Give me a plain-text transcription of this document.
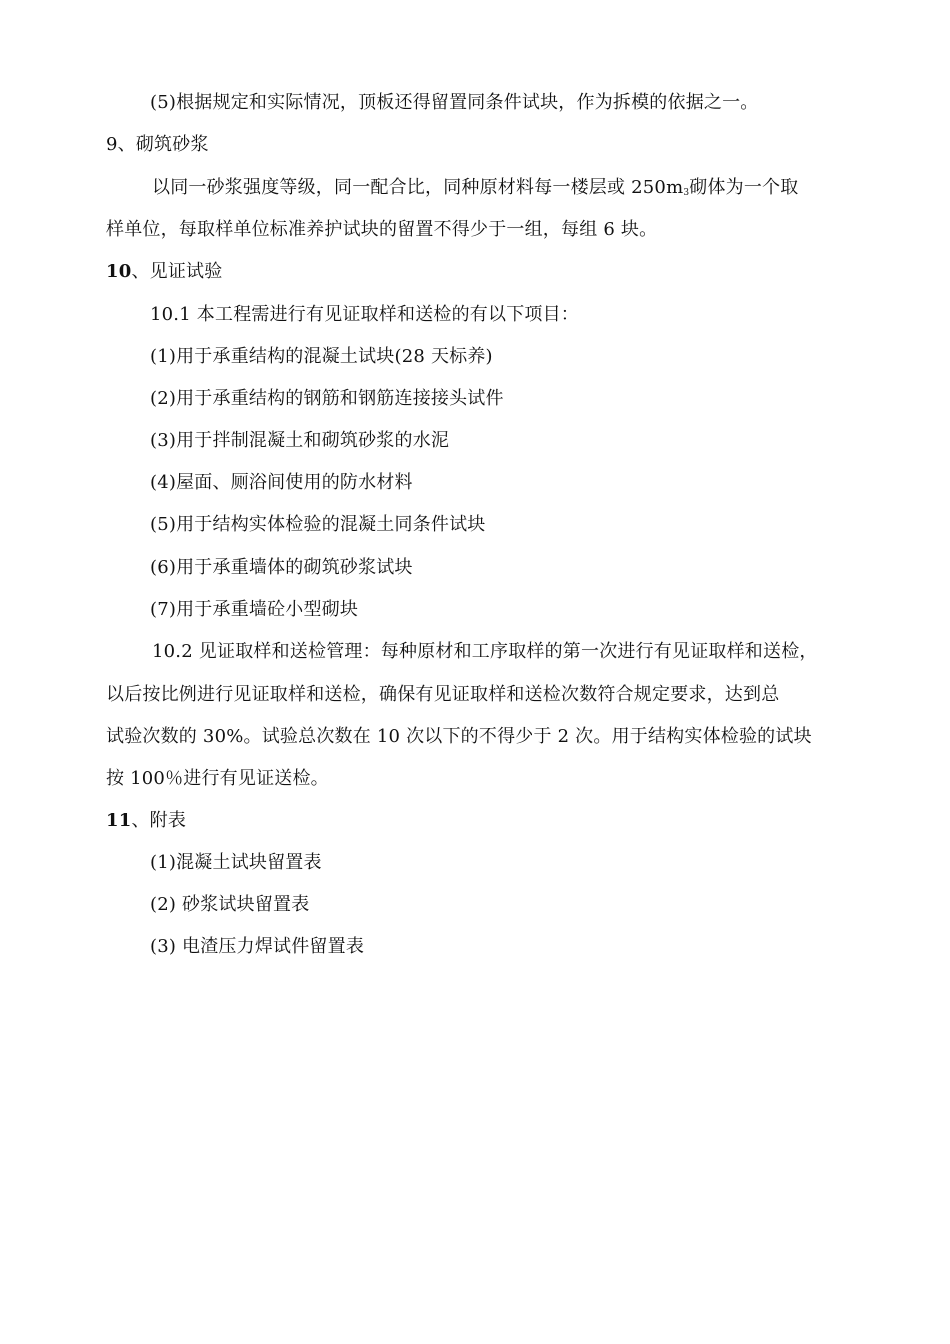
(5)根据规定和实际情况，顶板还得留置同条件试块，作为拆模的依据之一。
9、砌筑砂浆
以同一砂浆强度等级，同一配合比，同种原材料每一楼层或 $250m_3$砌体为一个取
样单位，每取样单位标准养护试块的留置不得少于一组，每组 6 块。
10、见证试验
10.1 本工程需进行有见证取样和送检的有以下项目：
(1)用于承重结构的混凝土试块(28 天标养)
(2)用于承重结构的钢筋和钢筋连接接头试件
(3)用于拌制混凝土和砌筑砂浆的水泥
(4)屋面、厕浴间使用的防水材料
(5)用于结构实体检验的混凝土同条件试块
(6)用于承重墙体的砌筑砂浆试块
(7)用于承重墙砼小型砌块
10.2 见证取样和送检管理：每种原材和工序取样的第一次进行有见证取样和送检，
以后按比例进行见证取样和送检，确保有见证取样和送检次数符合规定要求，达到总
试验次数的 30%。试验总次数在 10 次以下的不得少于 2 次。用于结构实体检验的试块
按 100％进行有见证送检。
11、附表
(1)混凝土试块留置表
(2) 砂浆试块留置表
(3) 电渣压力焊试件留置表
